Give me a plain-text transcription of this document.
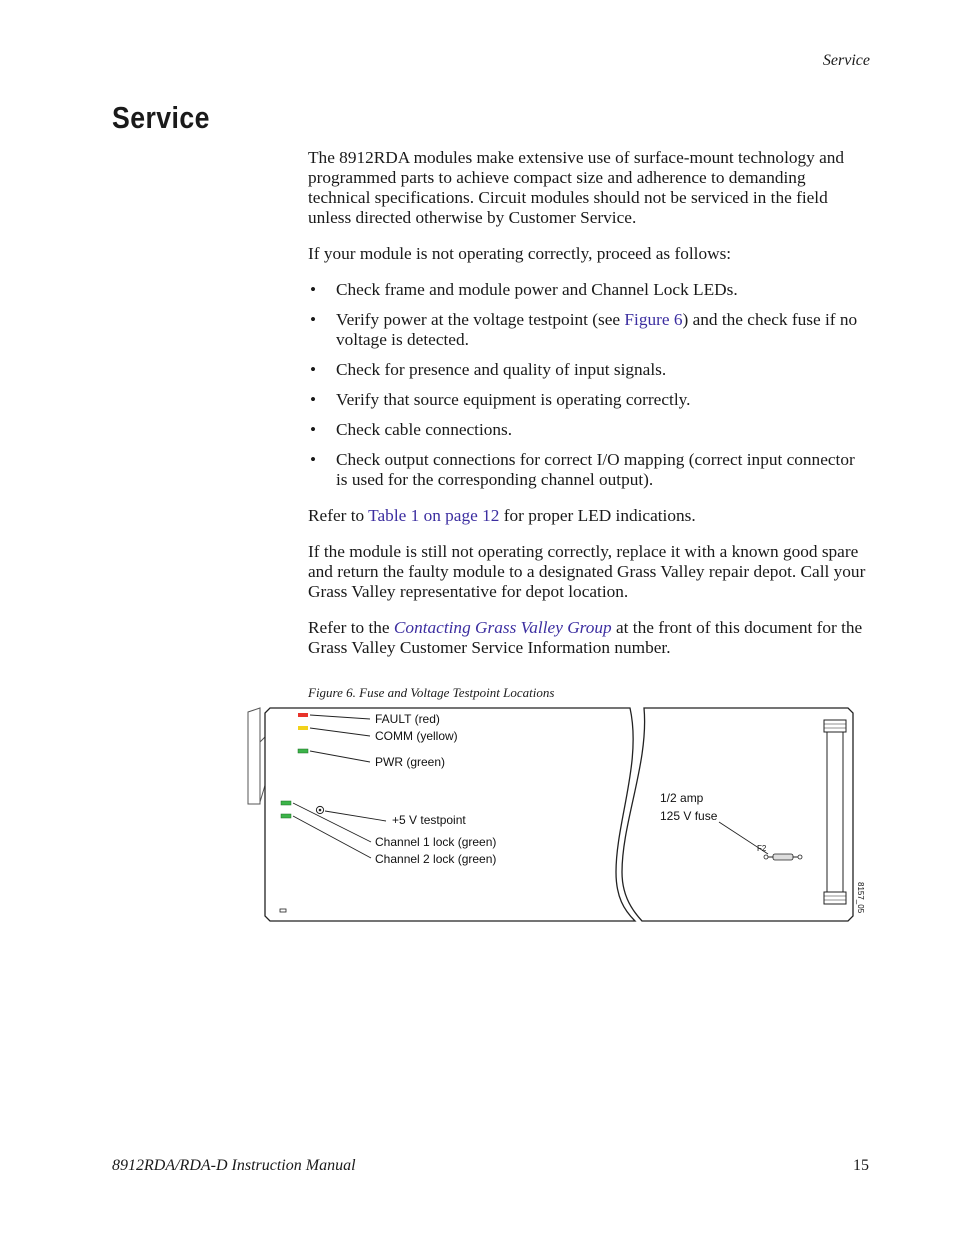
Service
Service

The 8912RDA modules make extensive use of surface-mount technology and programmed parts to achieve compact size and adherence to demanding technical specifications. Circuit modules should not be serviced in the field unless directed otherwise by Customer Service.

If your module is not operating correctly, proceed as follows:

• Check frame and module power and Channel Lock LEDs.
• Verify power at the voltage testpoint (see Figure 6) and the check fuse if no voltage is detected.
• Check for presence and quality of input signals.
• Verify that source equipment is operating correctly.
• Check cable connections.
• Check output connections for correct I/O mapping (correct input connector is used for the corresponding channel output).

Refer to Table 1 on page 12 for proper LED indications.

If the module is still not operating correctly, replace it with a known good spare and return the faulty module to a designated Grass Valley repair depot. Call your Grass Valley representative for depot location.

Refer to the Contacting Grass Valley Group at the front of this document for the Grass Valley Customer Service Information number.

Figure 6. Fuse and Voltage Testpoint Locations
FAULT (red)
COMM (yellow)
PWR (green)
+5 V testpoint
Channel 1 lock (green)
Channel 2 lock (green)
1/2 amp
125 V fuse
F2
8157_05
8912RDA/RDA-D Instruction Manual	15
